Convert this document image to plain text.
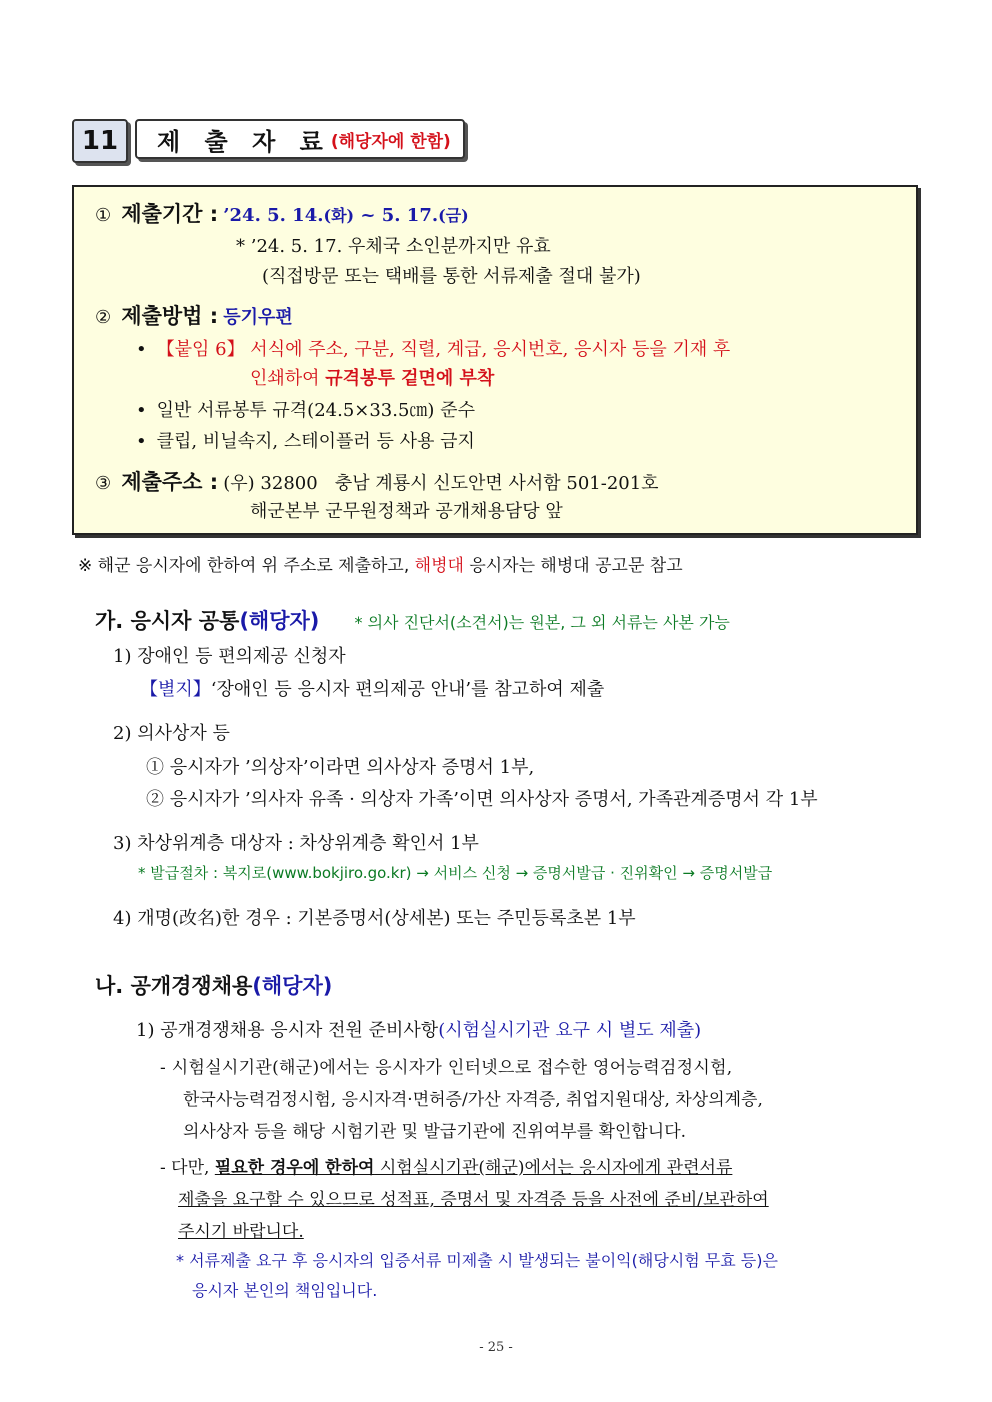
11 제 출 자 료 (해당자에 한함)
① 제출기간 : ’24. 5. 14.(화) ~ 5. 17.(금)
* ’24. 5. 17. 우체국 소인분까지만 유효
(직접방문 또는 택배를 통한 서류제출 절대 불가)
② 제출방법 : 등기우편
• 【붙임 6】 서식에 주소, 구분, 직렬, 계급, 응시번호, 응시자 등을 기재 후
인쇄하여 규격봉투 겉면에 부착
• 일반 서류봉투 규격(24.5×33.5㎝) 준수
• 클립, 비닐속지, 스테이플러 등 사용 금지
③ 제출주소 : (우) 32800   충남 계룡시 신도안면 사서함 501-201호
해군본부 군무원정책과 공개채용담당 앞
※ 해군 응시자에 한하여 위 주소로 제출하고, 해병대 응시자는 해병대 공고문 참고
가. 응시자 공통(해당자) * 의사 진단서(소견서)는 원본, 그 외 서류는 사본 가능
1) 장애인 등 편의제공 신청자
【별지】‘장애인 등 응시자 편의제공 안내’를 참고하여 제출
2) 의사상자 등
① 응시자가 ’의상자’이라면 의사상자 증명서 1부,
② 응시자가 ’의사자 유족 · 의상자 가족’이면 의사상자 증명서, 가족관계증명서 각 1부
3) 차상위계층 대상자 : 차상위계층 확인서 1부
* 발급절차 : 복지로(www.bokjiro.go.kr) → 서비스 신청 → 증명서발급 · 진위확인 → 증명서발급
4) 개명(改名)한 경우 : 기본증명서(상세본) 또는 주민등록초본 1부
나. 공개경쟁채용(해당자)
1) 공개경쟁채용 응시자 전원 준비사항(시험실시기관 요구 시 별도 제출)
- 시험실시기관(해군)에서는 응시자가 인터넷으로 접수한 영어능력검정시험,
한국사능력검정시험, 응시자격·면허증/가산 자격증, 취업지원대상, 차상의계층,
의사상자 등을 해당 시험기관 및 발급기관에 진위여부를 확인합니다.
- 다만, 필요한 경우에 한하여 시험실시기관(해군)에서는 응시자에게 관련서류
제출을 요구할 수 있으므로 성적표, 증명서 및 자격증 등을 사전에 준비/보관하여
주시기 바랍니다.
* 서류제출 요구 후 응시자의 입증서류 미제출 시 발생되는 불이익(해당시험 무효 등)은
응시자 본인의 책임입니다.
- 25 -
